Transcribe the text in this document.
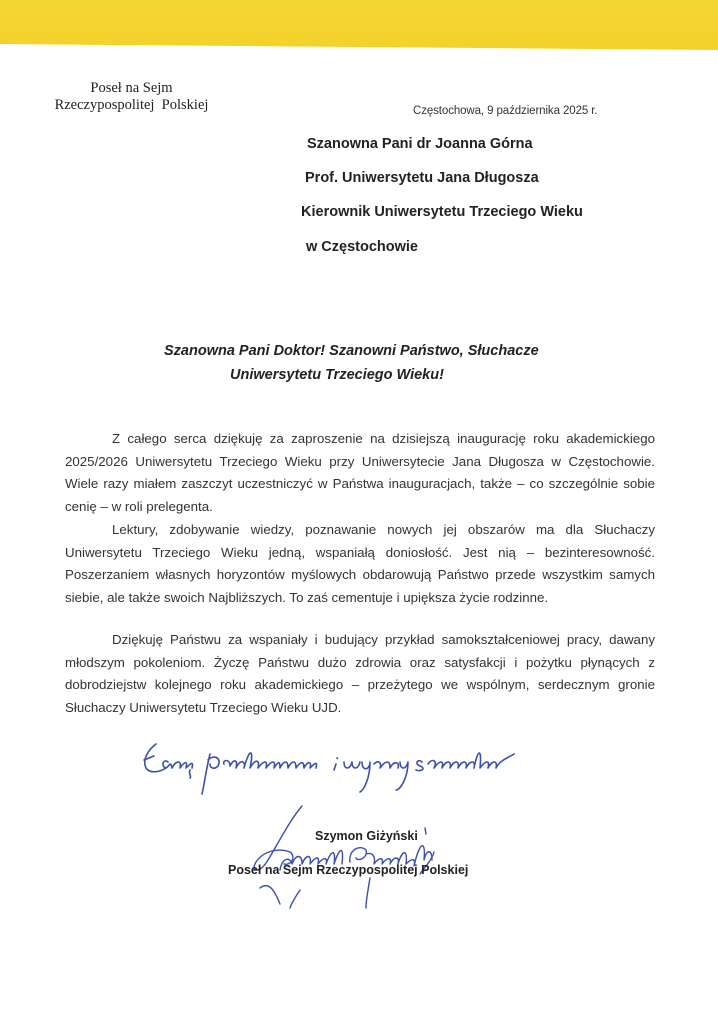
Poseł na Sejm
Rzeczypospolitej  Polskiej	Częstochowa, 9 października 2025 r.
Szanowna Pani dr Joanna Górna
Prof. Uniwersytetu Jana Długosza
Kierownik Uniwersytetu Trzeciego Wieku
w Częstochowie
Szanowna Pani Doktor! Szanowni Państwo, Słuchacze
Uniwersytetu Trzeciego Wieku!
Z całego serca dziękuję za zaproszenie na dzisiejszą inaugurację roku akademickiego 2025/2026 Uniwersytetu Trzeciego Wieku przy Uniwersytecie Jana Długosza w Częstochowie. Wiele razy miałem zaszczyt uczestniczyć w Państwa inauguracjach, także – co szczególnie sobie cenię – w roli prelegenta.
Lektury, zdobywanie wiedzy, poznawanie nowych jej obszarów ma dla Słuchaczy Uniwersytetu Trzeciego Wieku jedną, wspaniałą doniosłość. Jest nią – bezinteresowność. Poszerzaniem własnych horyzontów myślowych obdarowują Państwo przede wszystkim samych siebie, ale także swoich Najbliższych. To zaś cementuje i upiększa życie rodzinne.
Dziękuję Państwu za wspaniały i budujący przykład samokształceniowej pracy, dawany młodszym pokoleniom. Życzę Państwu dużo zdrowia oraz satysfakcji i pożytku płynących z dobrodziejstw kolejnego roku akademickiego – przeżytego we wspólnym, serdecznym gronie Słuchaczy Uniwersytetu Trzeciego Wieku UJD.
Szymon Giżyński
Poseł na Sejm Rzeczypospolitej Polskiej
